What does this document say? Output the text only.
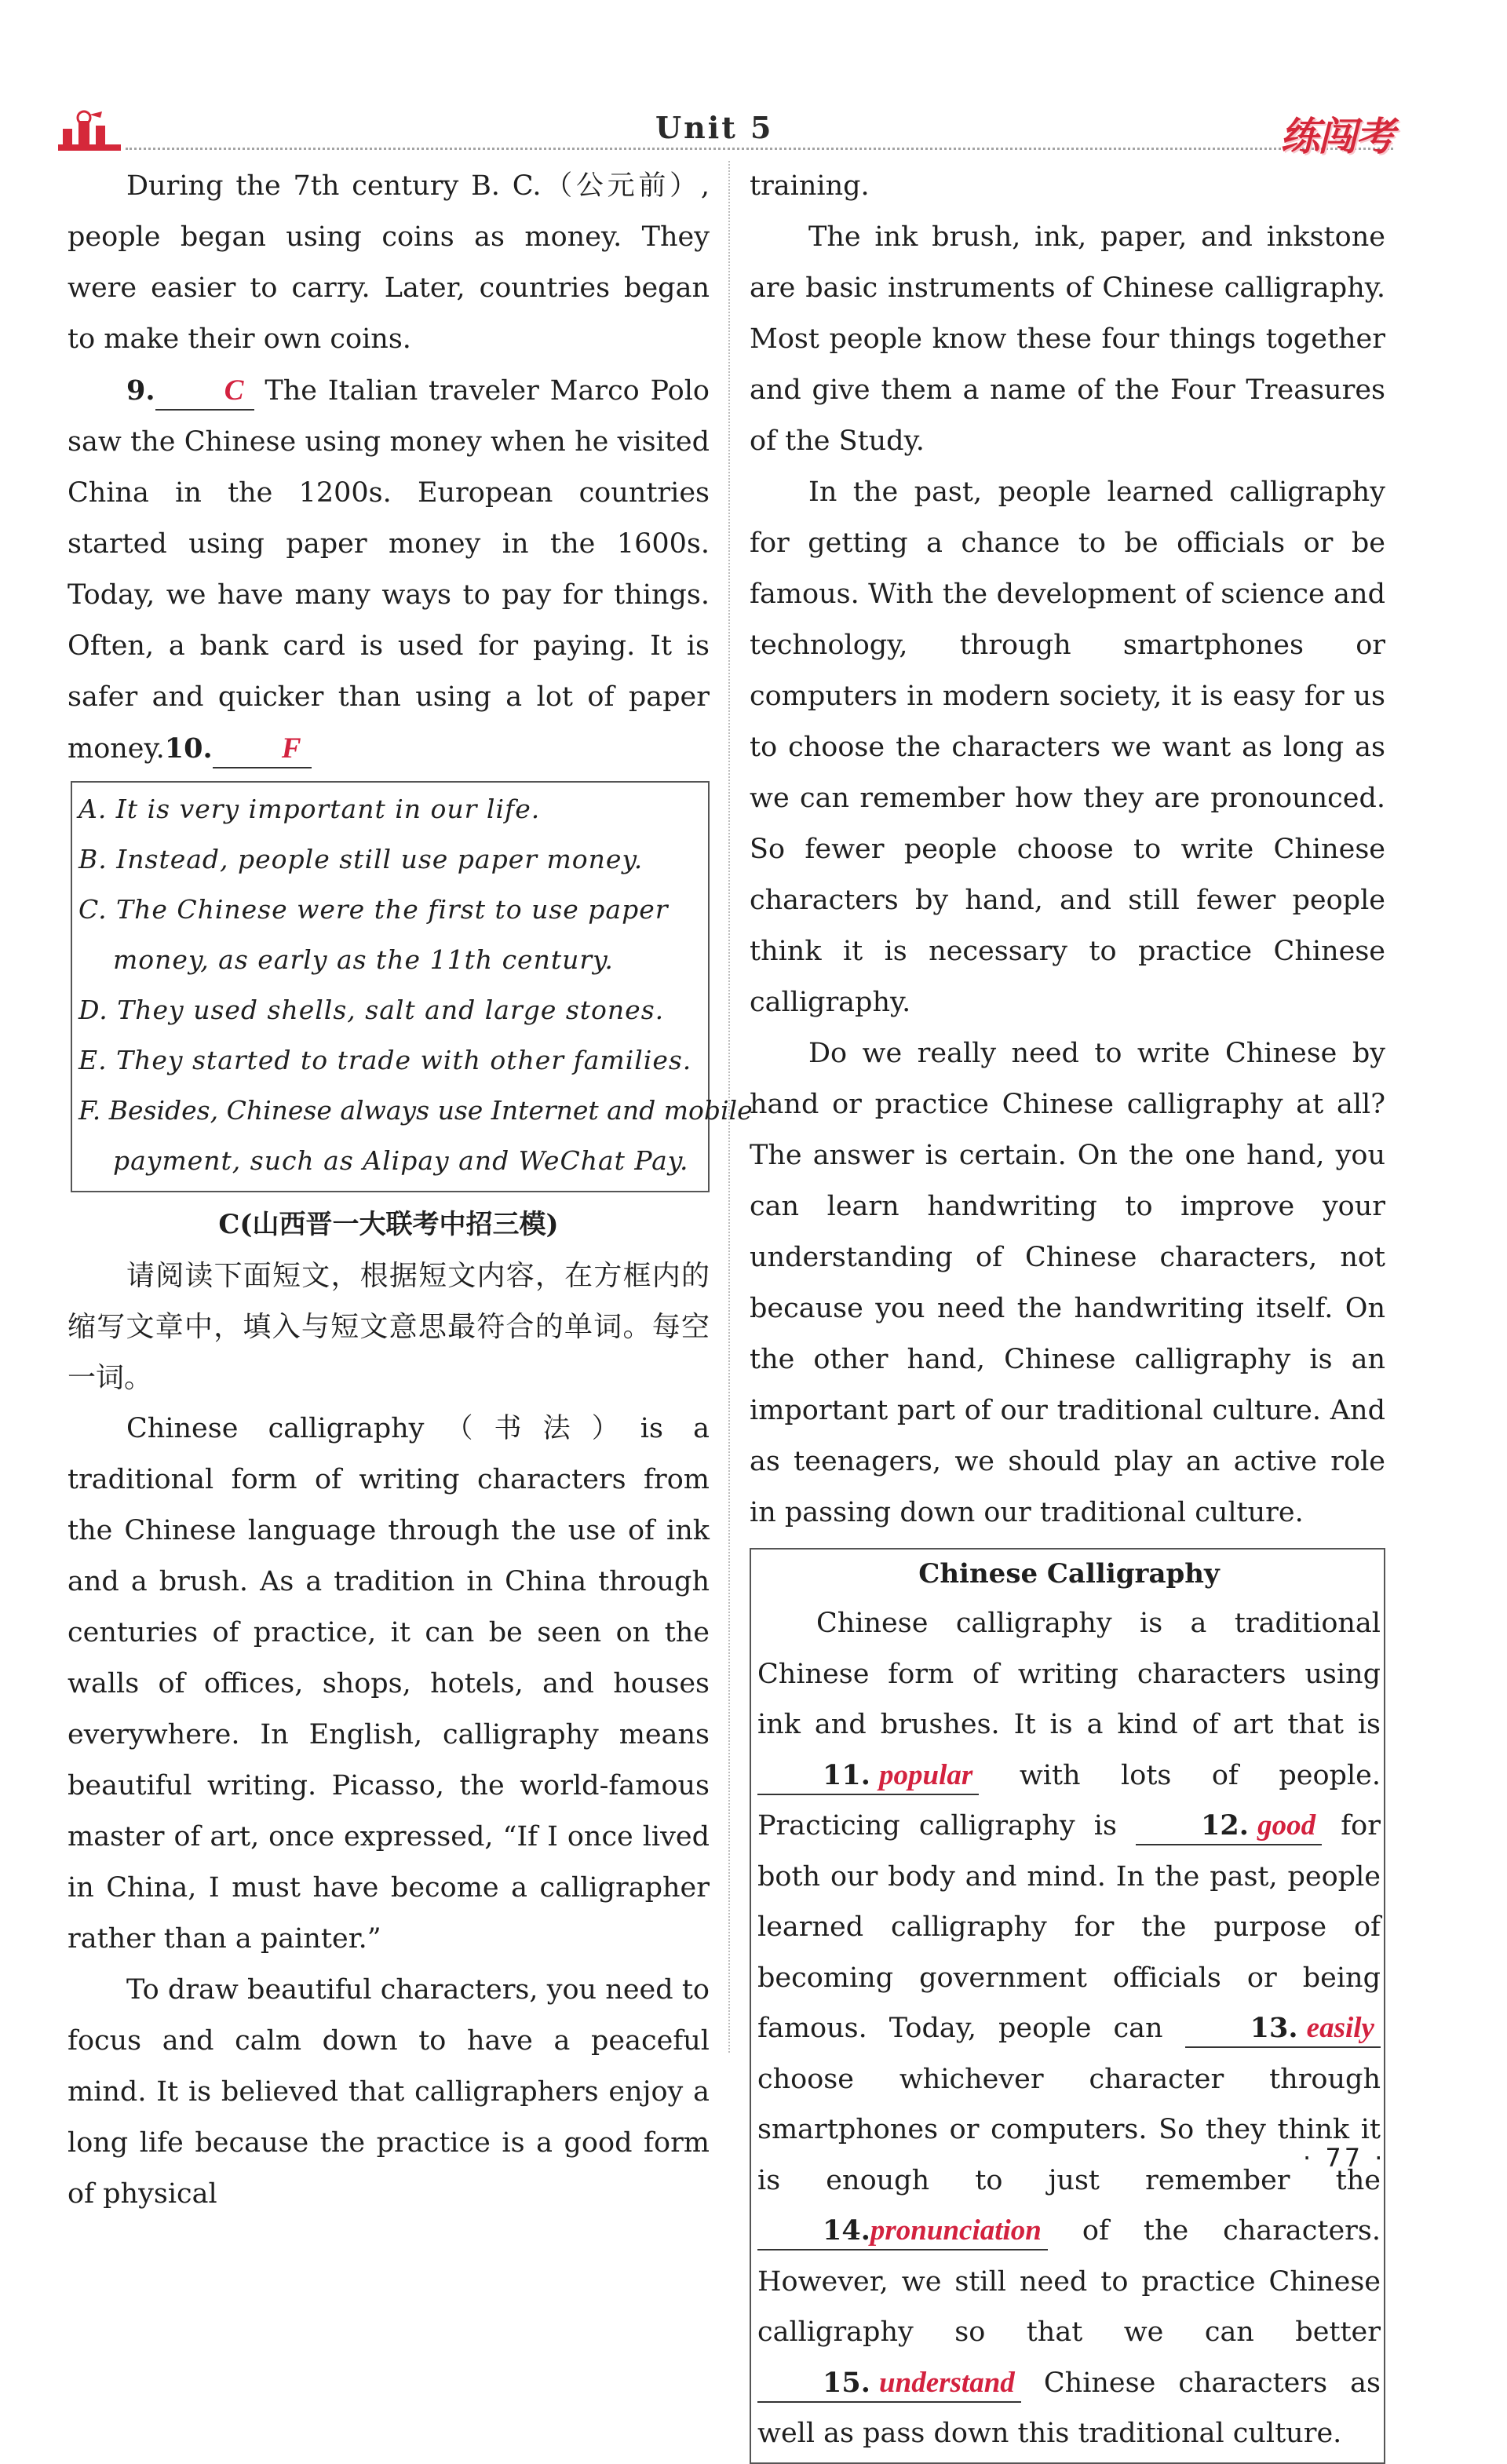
Unit 5	练闯考

During the 7th century B. C.（公元前）, people began using coins as money. They were easier to carry. Later, countries began to make their own coins.

9. C The Italian traveler Marco Polo saw the Chinese using money when he visited China in the 1200s. European countries started using paper money in the 1600s. Today, we have many ways to pay for things. Often, a bank card is used for paying. It is safer and quicker than using a lot of paper money.10. F

A. It is very important in our life.
B. Instead, people still use paper money.
C. The Chinese were the first to use paper
money, as early as the 11th century.
D. They used shells, salt and large stones.
E. They started to trade with other families.
F. Besides, Chinese always use Internet and mobile
payment, such as Alipay and WeChat Pay.
C(山西晋一大联考中招三模)

请阅读下面短文，根据短文内容，在方框内的缩写文章中，填入与短文意思最符合的单词。每空一词。

Chinese calligraphy（书法）is a traditional form of writing characters from the Chinese language through the use of ink and a brush. As a tradition in China through centuries of practice, it can be seen on the walls of offices, shops, hotels, and houses everywhere. In English, calligraphy means beautiful writing. Picasso, the world-famous master of art, once expressed, “If I once lived in China, I must have become a calligrapher rather than a painter.”

To draw beautiful characters, you need to focus and calm down to have a peaceful mind. It is believed that calligraphers enjoy a long life because the practice is a good form of physical

training.

The ink brush, ink, paper, and inkstone are basic instruments of Chinese calligraphy. Most people know these four things together and give them a name of the Four Treasures of the Study.

In the past, people learned calligraphy for getting a chance to be officials or be famous. With the development of science and technology, through smartphones or computers in modern society, it is easy for us to choose the characters we want as long as we can remember how they are pronounced. So fewer people choose to write Chinese characters by hand, and still fewer people think it is necessary to practice Chinese calligraphy.

Do we really need to write Chinese by hand or practice Chinese calligraphy at all? The answer is certain. On the one hand, you can learn handwriting to improve your understanding of Chinese characters, not because you need the handwriting itself. On the other hand, Chinese calligraphy is an important part of our traditional culture. And as teenagers, we should play an active role in passing down our traditional culture.

Chinese Calligraphy

Chinese calligraphy is a traditional Chinese form of writing characters using ink and brushes. It is a kind of art that is 11. popular with lots of people. Practicing calligraphy is	12. good for both our body and mind. In the past, people learned calligraphy for the purpose of becoming government officials or being famous. Today, people can	13. easily choose whichever character through smartphones or computers. So they think it is enough to just remember the 14.pronunciation of the characters. However, we still need to practice Chinese calligraphy so that we can better 15. understand Chinese characters as well as pass down this traditional culture.

· 77 ·
